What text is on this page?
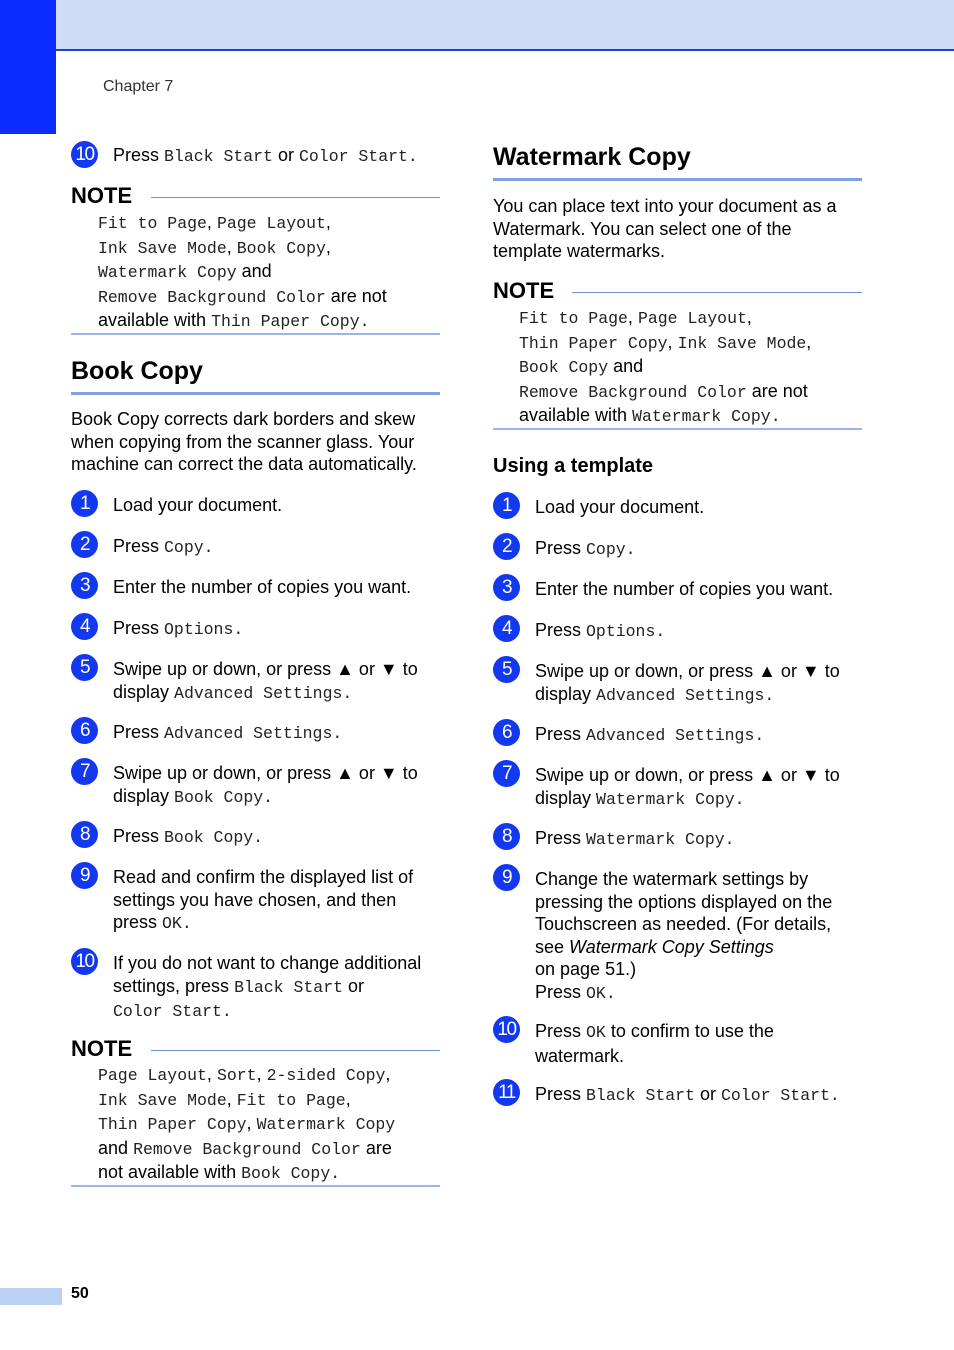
Chapter 7
10 Press Black Start or Color Start.
NOTE
Fit to Page, Page Layout,
Ink Save Mode, Book Copy,
Watermark Copy and
Remove Background Color are not
available with Thin Paper Copy.
Book Copy
Book Copy corrects dark borders and skew
when copying from the scanner glass. Your
machine can correct the data automatically.
1	Load your document.
2	Press Copy.
3	Enter the number of copies you want.
4	Press Options.
5	Swipe up or down, or press ▲ or ▼ to
display Advanced Settings.
6	Press Advanced Settings.
7	Swipe up or down, or press ▲ or ▼ to
display Book Copy.
8	Press Book Copy.
9	Read and confirm the displayed list of
settings you have chosen, and then
press OK.
10 If you do not want to change additional
settings, press Black Start or
Color Start.
NOTE
Page Layout, Sort, 2-sided Copy,
Ink Save Mode, Fit to Page,
Thin Paper Copy, Watermark Copy
and Remove Background Color are
not available with Book Copy.
Watermark Copy
You can place text into your document as a
Watermark. You can select one of the
template watermarks.
NOTE
Fit to Page, Page Layout,
Thin Paper Copy, Ink Save Mode,
Book Copy and
Remove Background Color are not
available with Watermark Copy.
Using a template
1	Load your document.
2	Press Copy.
3	Enter the number of copies you want.
4	Press Options.
5	Swipe up or down, or press ▲ or ▼ to
display Advanced Settings.
6	Press Advanced Settings.
7	Swipe up or down, or press ▲ or ▼ to
display Watermark Copy.
8	Press Watermark Copy.
9	Change the watermark settings by
pressing the options displayed on the
Touchscreen as needed. (For details,
see Watermark Copy Settings
on page 51.)
Press OK.
10 Press OK to confirm to use the
watermark.
11 Press Black Start or Color Start.
50
